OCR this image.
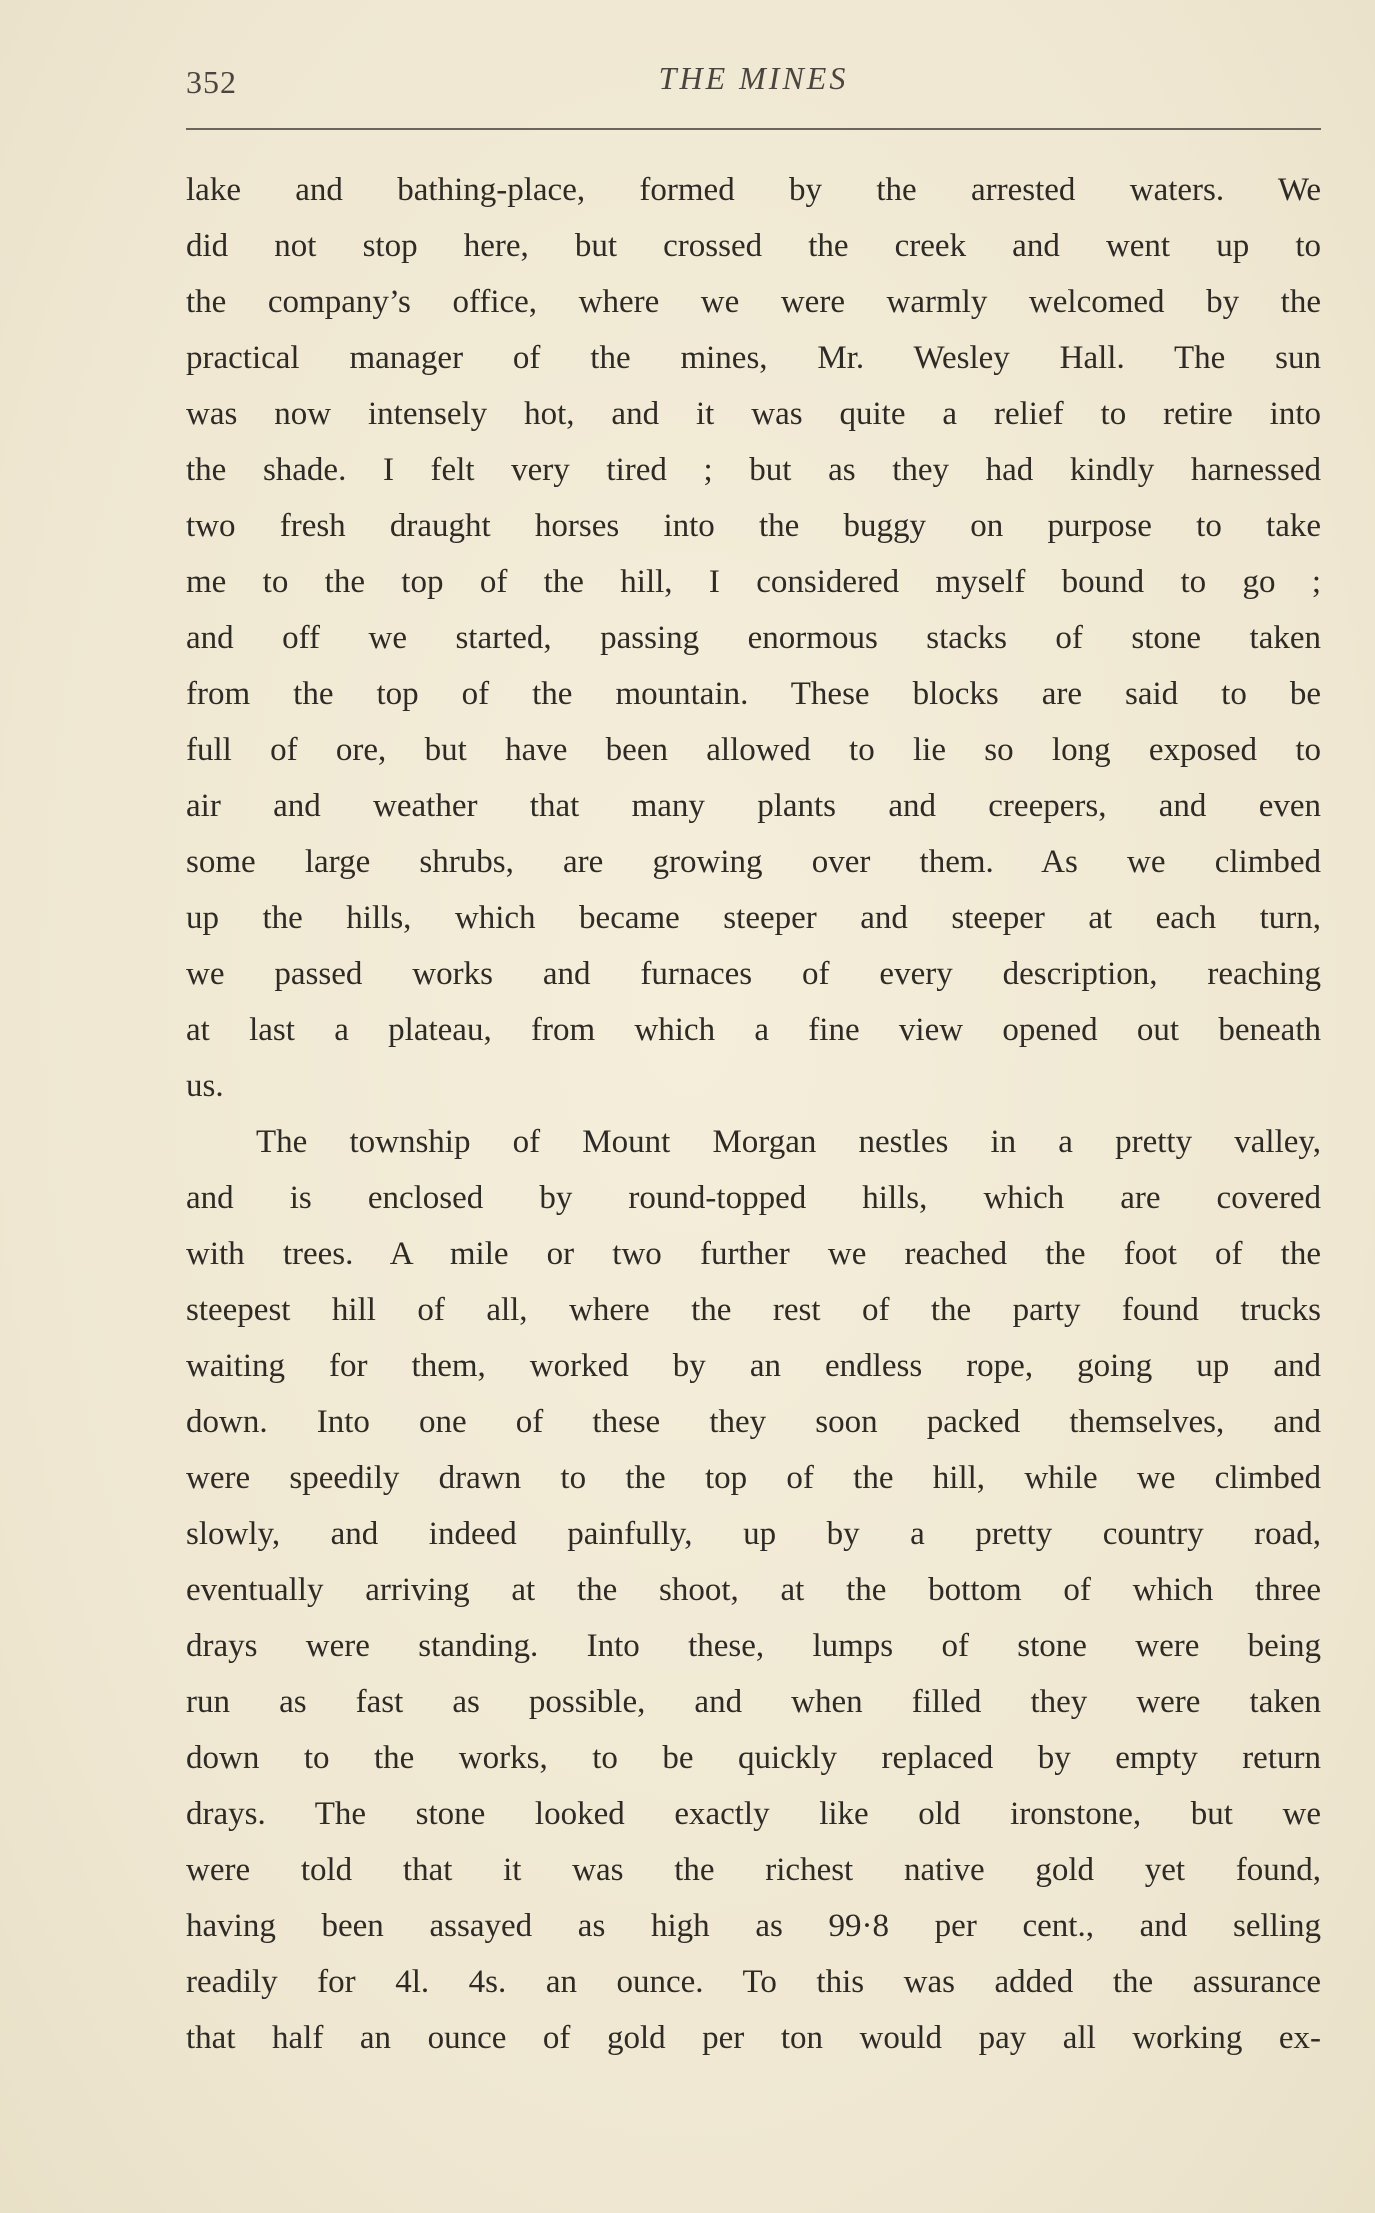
352	THE MINES
lake and bathing-place, formed by the arrested waters. We
did not stop here, but crossed the creek and went up to
the company’s office, where we were warmly welcomed by the
practical manager of the mines, Mr. Wesley Hall. The sun
was now intensely hot, and it was quite a relief to retire into
the shade. I felt very tired ; but as they had kindly harnessed
two fresh draught horses into the buggy on purpose to take
me to the top of the hill, I considered myself bound to go ;
and off we started, passing enormous stacks of stone taken
from the top of the mountain. These blocks are said to be
full of ore, but have been allowed to lie so long exposed to
air and weather that many plants and creepers, and even
some large shrubs, are growing over them. As we climbed
up the hills, which became steeper and steeper at each turn,
we passed works and furnaces of every description, reaching
at last a plateau, from which a fine view opened out beneath
us.
The township of Mount Morgan nestles in a pretty valley,
and is enclosed by round-topped hills, which are covered
with trees. A mile or two further we reached the foot of the
steepest hill of all, where the rest of the party found trucks
waiting for them, worked by an endless rope, going up and
down. Into one of these they soon packed themselves, and
were speedily drawn to the top of the hill, while we climbed
slowly, and indeed painfully, up by a pretty country road,
eventually arriving at the shoot, at the bottom of which three
drays were standing. Into these, lumps of stone were being
run as fast as possible, and when filled they were taken
down to the works, to be quickly replaced by empty return
drays. The stone looked exactly like old ironstone, but we
were told that it was the richest native gold yet found,
having been assayed as high as 99·8 per cent., and selling
readily for 4l. 4s. an ounce. To this was added the assurance
that half an ounce of gold per ton would pay all working ex-
